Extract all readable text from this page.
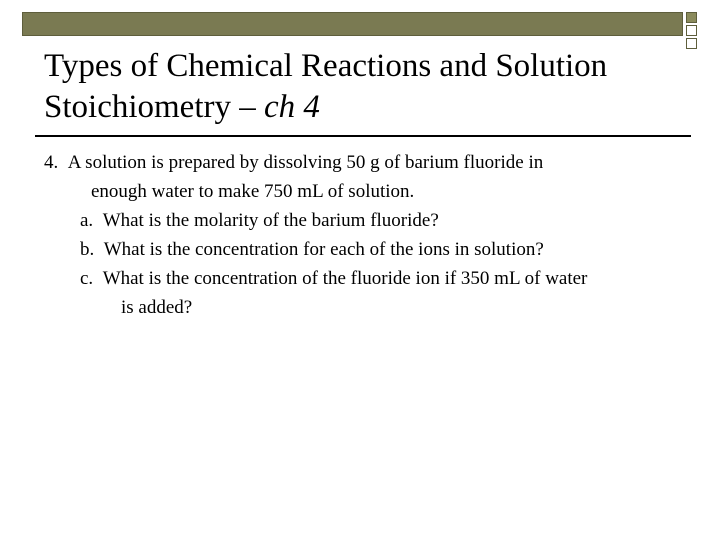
Types of Chemical Reactions and Solution Stoichiometry – ch 4
4. A solution is prepared by dissolving 50 g of barium fluoride in
enough water to make 750 mL of solution.
a. What is the molarity of the barium fluoride?
b. What is the concentration for each of the ions in solution?
c. What is the concentration of the fluoride ion if 350 mL of water
is added?
